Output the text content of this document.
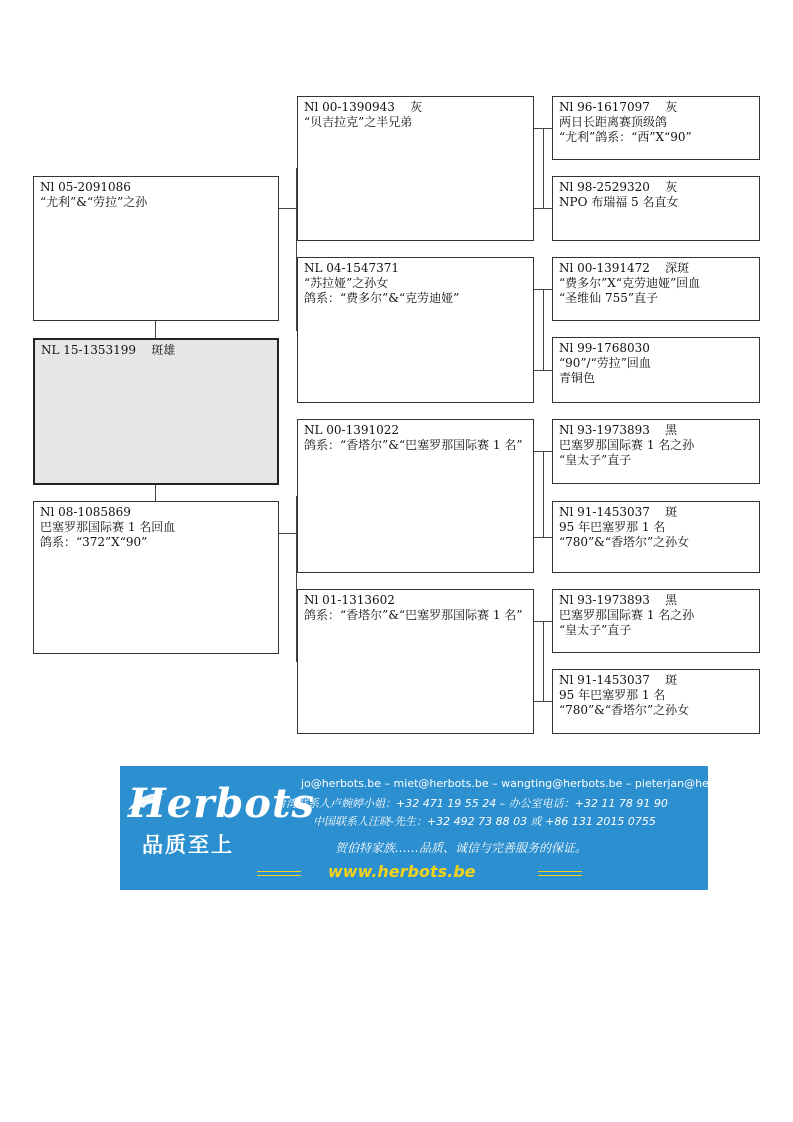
NL 15-1353199    斑雄
Nl 05-2091086
“尤利”&“劳拉”之孙
Nl 08-1085869
巴塞罗那国际赛 1 名回血
鸽系：“372”X“90”
Nl 00-1390943    灰
“贝吉拉克”之半兄弟
NL 04-1547371
“苏拉娅”之孙女
鸽系：“费多尔”&“克劳迪娅”
NL 00-1391022
鸽系：“香塔尔”&“巴塞罗那国际赛 1 名”
Nl 01-1313602
鸽系：“香塔尔”&“巴塞罗那国际赛 1 名”
Nl 96-1617097    灰
两日长距离赛顶级鸽
“尤利”鸽系：“西”X“90”
Nl 98-2529320    灰
NPO 布瑞福 5 名直女
Nl 00-1391472    深斑
“费多尔”X“克劳迪娅”回血
“圣维仙 755”直子
Nl 99-1768030
“90”/“劳拉”回血
青铜色
Nl 93-1973893    黑
巴塞罗那国际赛 1 名之孙
“皇太子”直子
Nl 91-1453037    斑
95 年巴塞罗那 1 名
“780”&“香塔尔”之孙女
Nl 93-1973893    黑
巴塞罗那国际赛 1 名之孙
“皇太子”直子
Nl 91-1453037    斑
95 年巴塞罗那 1 名
“780”&“香塔尔”之孙女
Herbots
品质至上
jo@herbots.be – miet@herbots.be – wangting@herbots.be – pieterjan@herbots.be
台湾联系人卢婉婷小姐：+32 471 19 55 24 – 办公室电话：+32 11 78 91 90
中国联系人汪晓-先生：+32 492 73 88 03 或 +86 131 2015 0755
贺伯特家族……品质、诚信与完善服务的保证。
www.herbots.be
